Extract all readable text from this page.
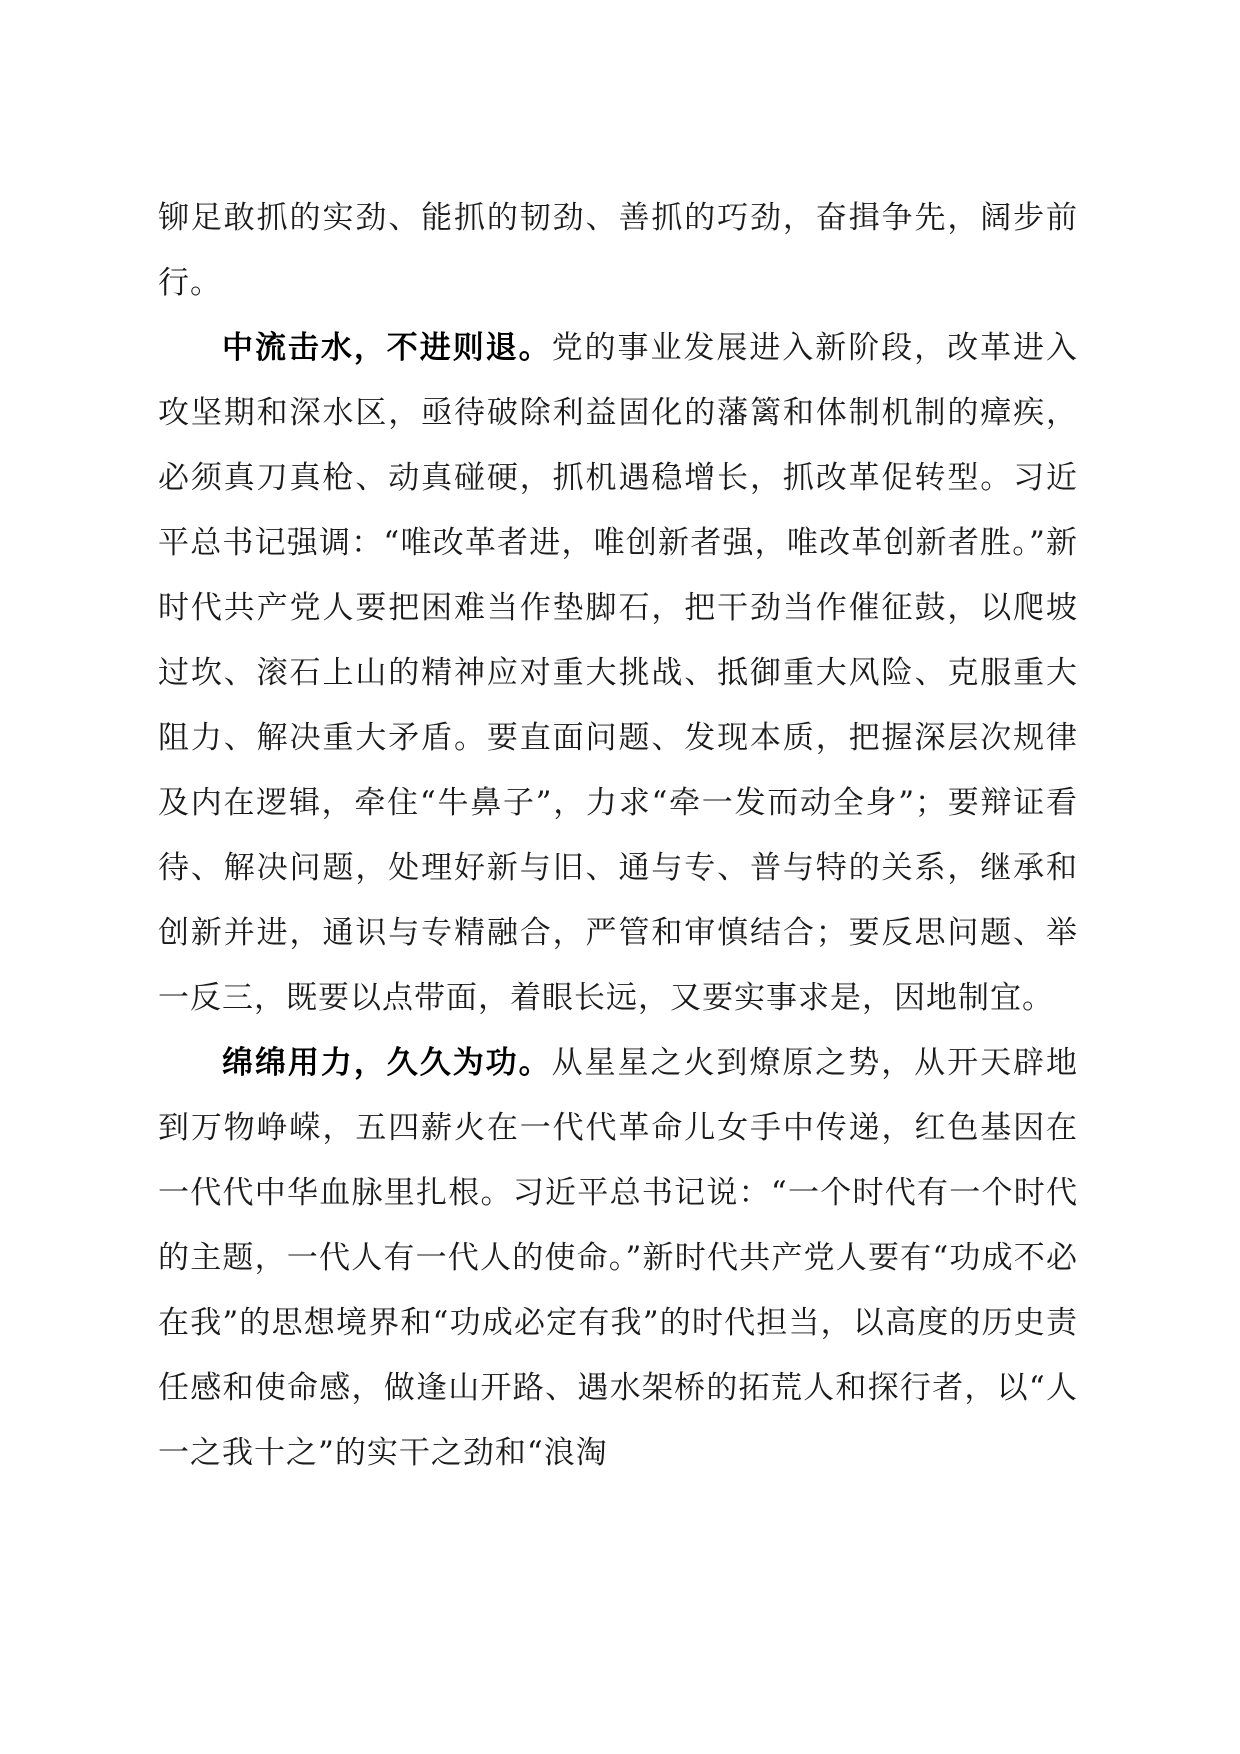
铆足敢抓的实劲、能抓的韧劲、善抓的巧劲，奋揖争先，阔步前行。

中流击水，不进则退。党的事业发展进入新阶段，改革进入攻坚期和深水区，亟待破除利益固化的藩篱和体制机制的瘴疾，必须真刀真枪、动真碰硬，抓机遇稳增长，抓改革促转型。习近平总书记强调：“唯改革者进，唯创新者强，唯改革创新者胜。”新时代共产党人要把困难当作垫脚石，把干劲当作催征鼓，以爬坡过坎、滚石上山的精神应对重大挑战、抵御重大风险、克服重大阻力、解决重大矛盾。要直面问题、发现本质，把握深层次规律及内在逻辑，牵住“牛鼻子”，力求“牵一发而动全身”；要辩证看待、解决问题，处理好新与旧、通与专、普与特的关系，继承和创新并进，通识与专精融合，严管和审慎结合；要反思问题、举一反三，既要以点带面，着眼长远，又要实事求是，因地制宜。

绵绵用力，久久为功。从星星之火到燎原之势，从开天辟地到万物峥嵘，五四薪火在一代代革命儿女手中传递，红色基因在一代代中华血脉里扎根。习近平总书记说：“一个时代有一个时代的主题，一代人有一代人的使命。”新时代共产党人要有“功成不必在我”的思想境界和“功成必定有我”的时代担当，以高度的历史责任感和使命感，做逢山开路、遇水架桥的拓荒人和探行者，以“人一之我十之”的实干之劲和“浪淘
